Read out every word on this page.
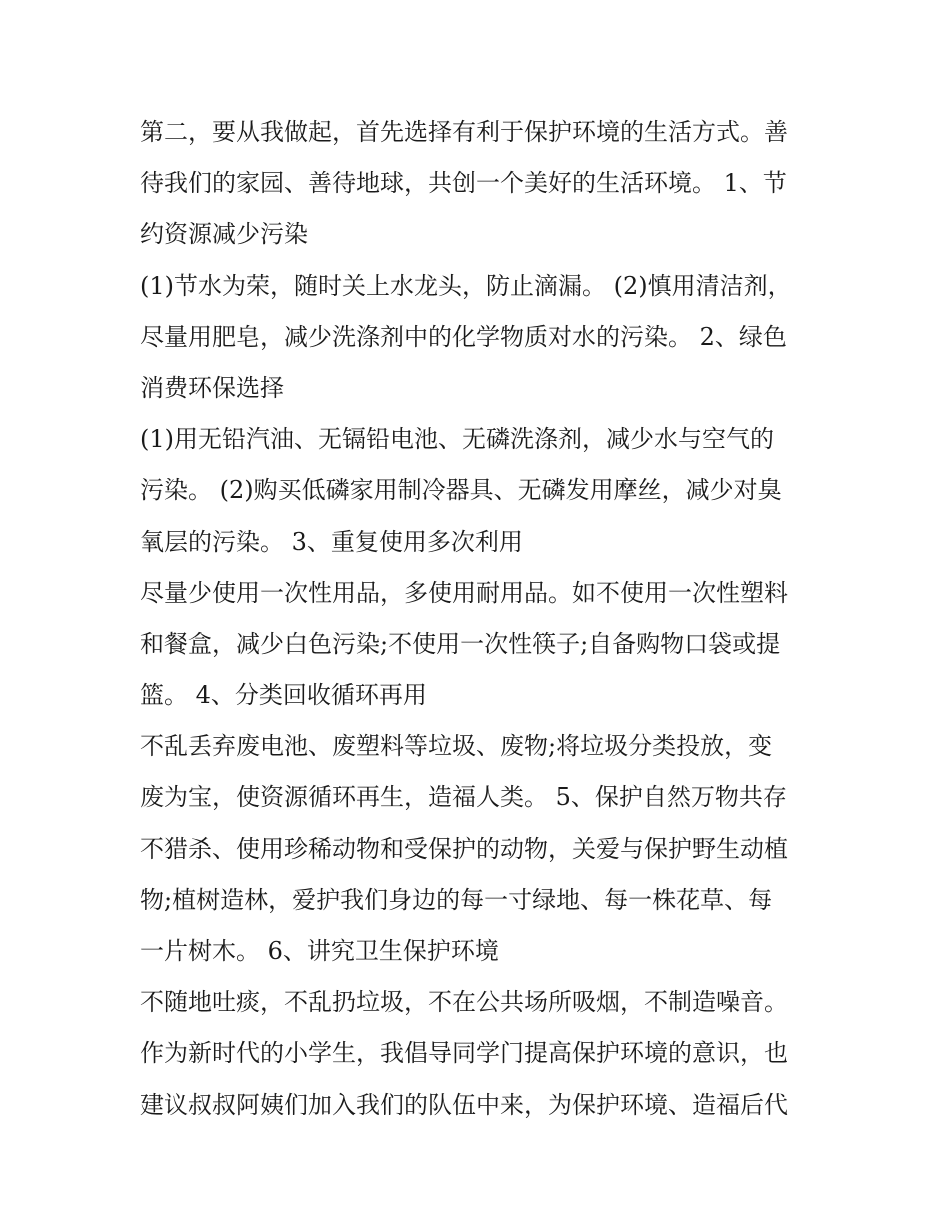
第二，要从我做起，首先选择有利于保护环境的生活方式。善
待我们的家园、善待地球，共创一个美好的生活环境。 1、节
约资源减少污染
(1)节水为荣，随时关上水龙头，防止滴漏。 (2)慎用清洁剂，
尽量用肥皂，减少洗涤剂中的化学物质对水的污染。 2、绿色
消费环保选择
(1)用无铅汽油、无镉铅电池、无磷洗涤剂，减少水与空气的
污染。 (2)购买低磷家用制冷器具、无磷发用摩丝，减少对臭
氧层的污染。 3、重复使用多次利用
尽量少使用一次性用品，多使用耐用品。如不使用一次性塑料
和餐盒，减少白色污染;不使用一次性筷子;自备购物口袋或提
篮。 4、分类回收循环再用
不乱丢弃废电池、废塑料等垃圾、废物;将垃圾分类投放，变
废为宝，使资源循环再生，造福人类。 5、保护自然万物共存
不猎杀、使用珍稀动物和受保护的动物，关爱与保护野生动植
物;植树造林，爱护我们身边的每一寸绿地、每一株花草、每
一片树木。 6、讲究卫生保护环境
不随地吐痰，不乱扔垃圾，不在公共场所吸烟，不制造噪音。
作为新时代的小学生，我倡导同学门提高保护环境的意识，也
建议叔叔阿姨们加入我们的队伍中来，为保护环境、造福后代
